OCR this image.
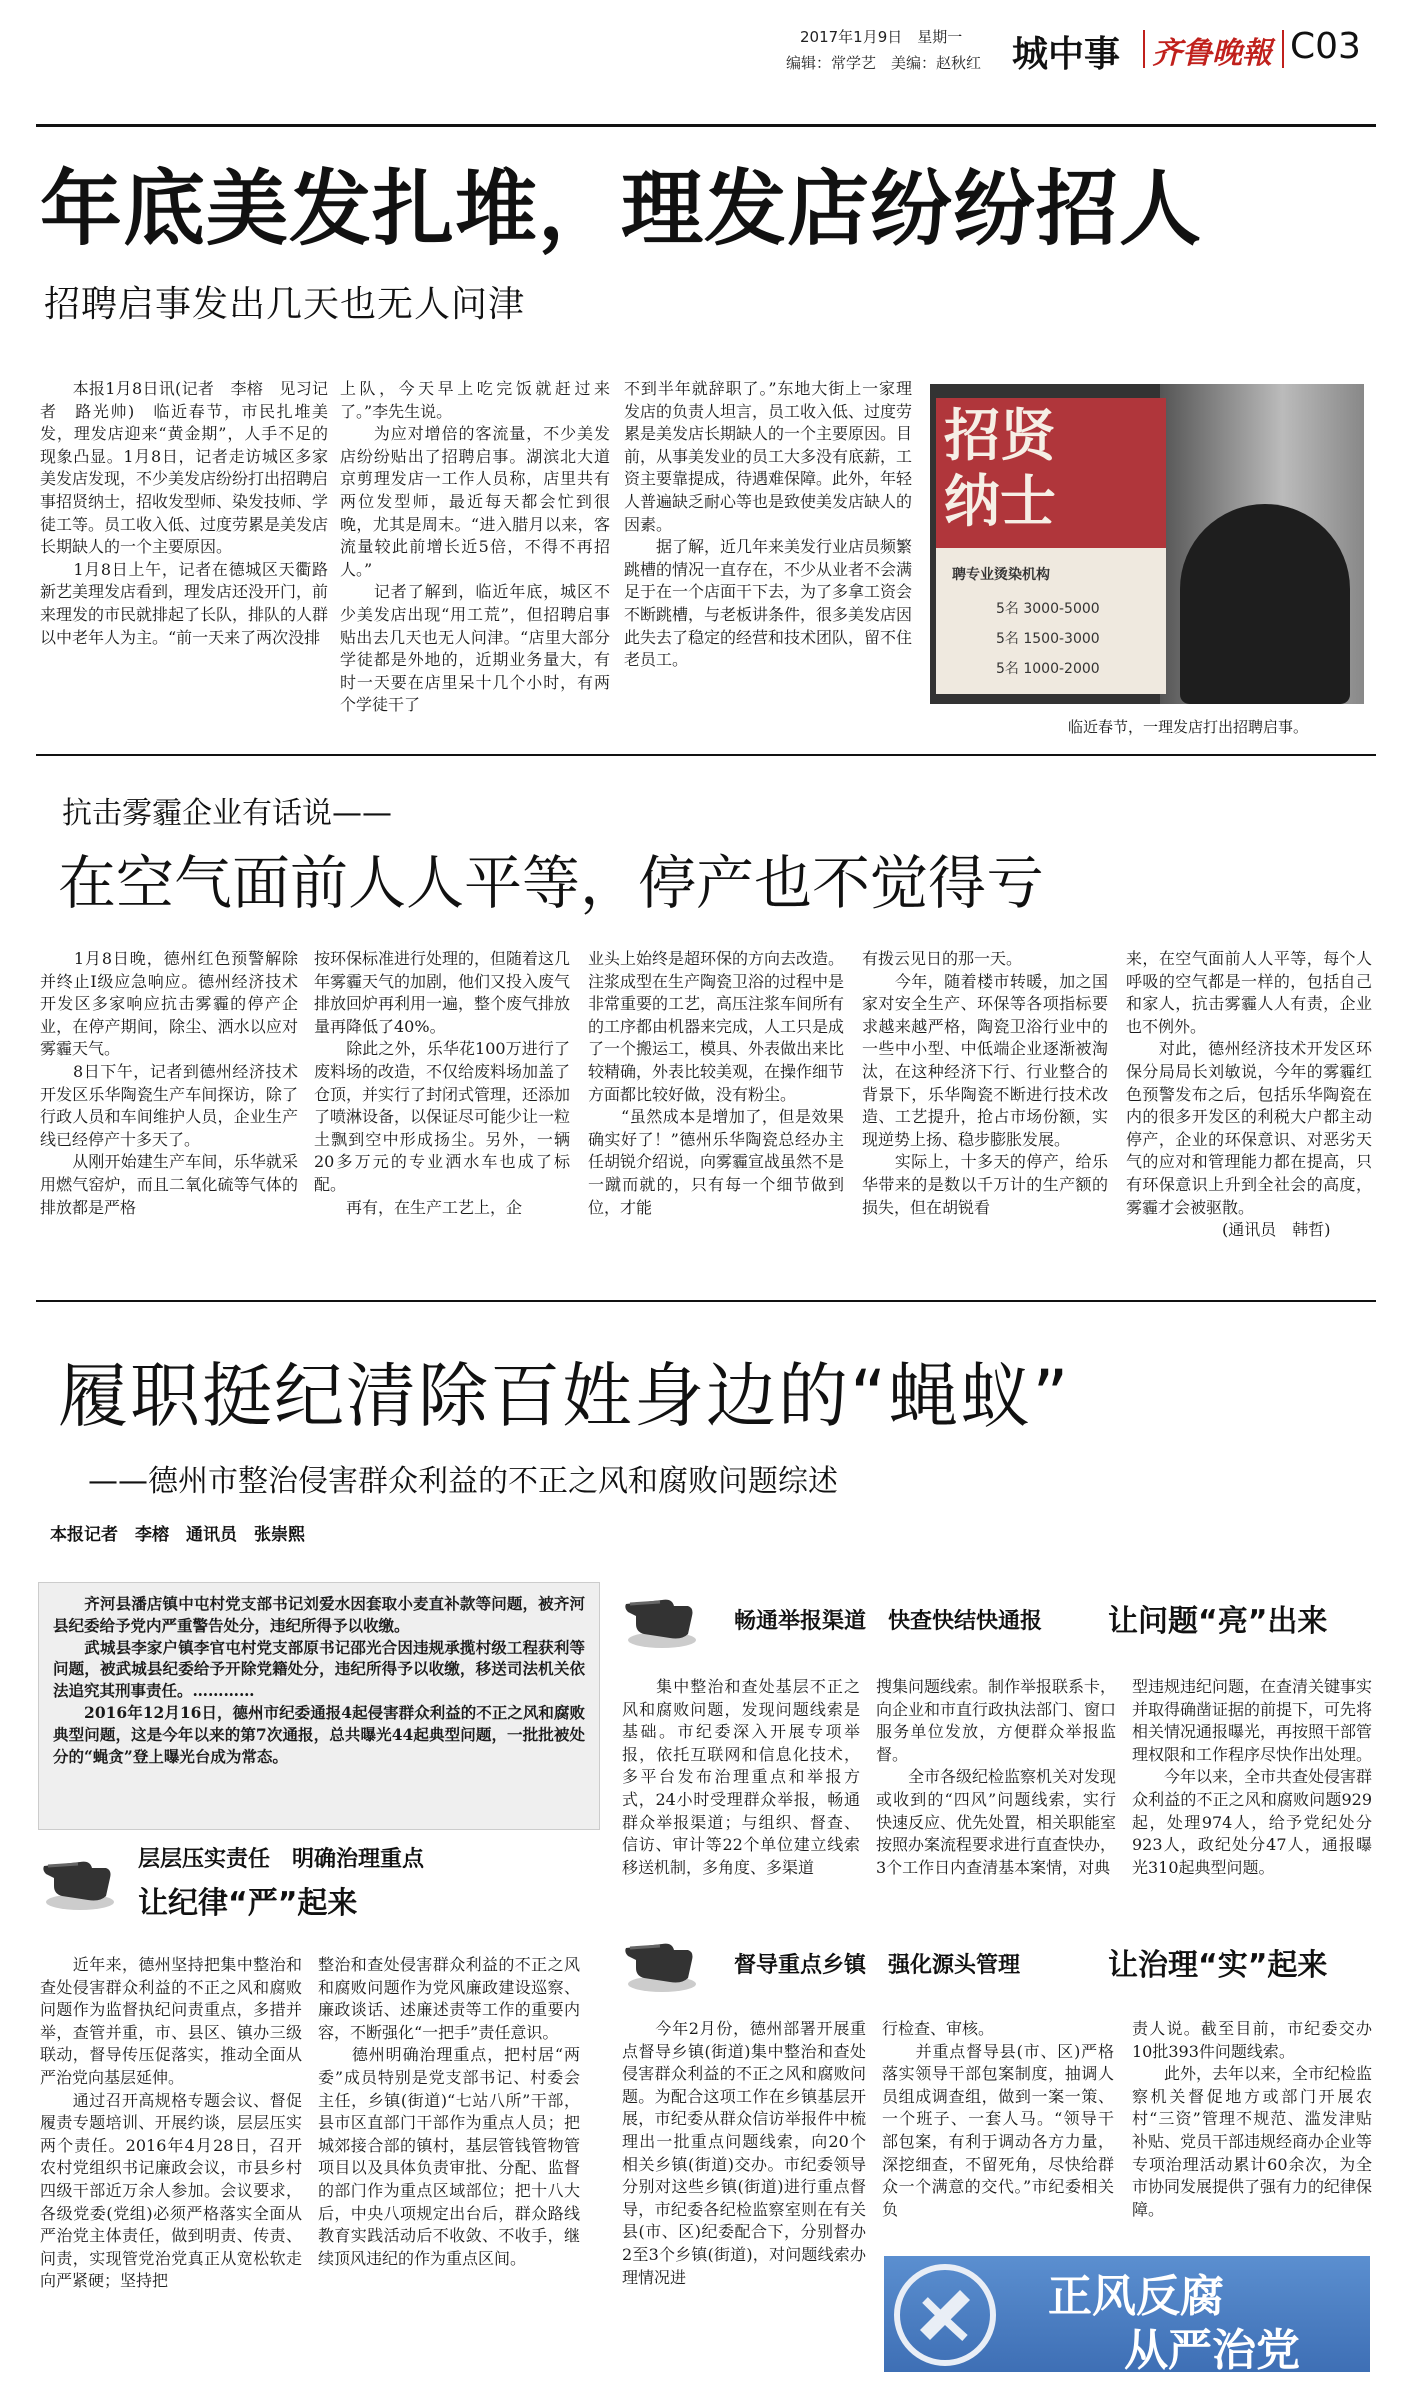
2017年1月9日　星期一
编辑：常学艺　美编：赵秋红 城中事 齐鲁晚報 C03
年底美发扎堆，理发店纷纷招人
招聘启事发出几天也无人问津

　　本报1月8日讯(记者　李榕　见习记者　路光帅)　临近春节，市民扎堆美发，理发店迎来“黄金期”，人手不足的现象凸显。1月8日，记者走访城区多家美发店发现，不少美发店纷纷打出招聘启事招贤纳士，招收发型师、染发技师、学徒工等。员工收入低、过度劳累是美发店长期缺人的一个主要原因。
　　1月8日上午，记者在德城区天衢路新艺美理发店看到，理发店还没开门，前来理发的市民就排起了长队，排队的人群以中老年人为主。“前一天来了两次没排

上队，今天早上吃完饭就赶过来了。”李先生说。
　　为应对增倍的客流量，不少美发店纷纷贴出了招聘启事。湖滨北大道京剪理发店一工作人员称，店里共有两位发型师，最近每天都会忙到很晚，尤其是周末。“进入腊月以来，客流量较此前增长近5倍，不得不再招人。”
　　记者了解到，临近年底，城区不少美发店出现“用工荒”，但招聘启事贴出去几天也无人问津。“店里大部分学徒都是外地的，近期业务量大，有时一天要在店里呆十几个小时，有两个学徒干了

不到半年就辞职了。”东地大街上一家理发店的负责人坦言，员工收入低、过度劳累是美发店长期缺人的一个主要原因。目前，从事美发业的员工大多没有底薪，工资主要靠提成，待遇难保障。此外，年轻人普遍缺乏耐心等也是致使美发店缺人的因素。
　　据了解，近几年来美发行业店员频繁跳槽的情况一直存在，不少从业者不会满足于在一个店面干下去，为了多拿工资会不断跳槽，与老板讲条件，很多美发店因此失去了稳定的经营和技术团队，留不住老员工。

招贤纳士
聘专业烫染机构
5名 3000-5000
5名 1500-3000
5名 1000-2000
临近春节，一理发店打出招聘启事。
抗击雾霾企业有话说——
在空气面前人人平等，停产也不觉得亏

　　1月8日晚，德州红色预警解除并终止I级应急响应。德州经济技术开发区多家响应抗击雾霾的停产企业，在停产期间，除尘、洒水以应对雾霾天气。
　　8日下午，记者到德州经济技术开发区乐华陶瓷生产车间探访，除了行政人员和车间维护人员，企业生产线已经停产十多天了。
　　从刚开始建生产车间，乐华就采用燃气窑炉，而且二氧化硫等气体的排放都是严格

按环保标准进行处理的，但随着这几年雾霾天气的加剧，他们又投入废气排放回炉再利用一遍，整个废气排放量再降低了40%。
　　除此之外，乐华花100万进行了废料场的改造，不仅给废料场加盖了仓顶，并实行了封闭式管理，还添加了喷淋设备，以保证尽可能少让一粒土飘到空中形成扬尘。另外，一辆20多万元的专业洒水车也成了标配。
　　再有，在生产工艺上，企

业头上始终是超环保的方向去改造。注浆成型在生产陶瓷卫浴的过程中是非常重要的工艺，高压注浆车间所有的工序都由机器来完成，人工只是成了一个搬运工，模具、外表做出来比较精确，外表比较美观，在操作细节方面都比较好做，没有粉尘。
　　“虽然成本是增加了，但是效果确实好了！”德州乐华陶瓷总经办主任胡锐介绍说，向雾霾宣战虽然不是一蹴而就的，只有每一个细节做到位，才能

有拨云见日的那一天。
　　今年，随着楼市转暖，加之国家对安全生产、环保等各项指标要求越来越严格，陶瓷卫浴行业中的一些中小型、中低端企业逐渐被淘汰，在这种经济下行、行业整合的背景下，乐华陶瓷不断进行技术改造、工艺提升，抢占市场份额，实现逆势上扬、稳步膨胀发展。
　　实际上，十多天的停产，给乐华带来的是数以千万计的生产额的损失，但在胡锐看

来，在空气面前人人平等，每个人呼吸的空气都是一样的，包括自己和家人，抗击雾霾人人有责，企业也不例外。
　　对此，德州经济技术开发区环保分局局长刘敏说，今年的雾霾红色预警发布之后，包括乐华陶瓷在内的很多开发区的利税大户都主动停产，企业的环保意识、对恶劣天气的应对和管理能力都在提高，只有环保意识上升到全社会的高度，雾霾才会被驱散。
　　　　　　(通讯员　韩哲)

履职挺纪清除百姓身边的“蝇蚁”
——德州市整治侵害群众利益的不正之风和腐败问题综述
本报记者　李榕　通讯员　张崇熙

　　齐河县潘店镇中屯村党支部书记刘爱水因套取小麦直补款等问题，被齐河县纪委给予党内严重警告处分，违纪所得予以收缴。
　　武城县李家户镇李官屯村党支部原书记邵光合因违规承揽村级工程获利等问题，被武城县纪委给予开除党籍处分，违纪所得予以收缴，移送司法机关依法追究其刑事责任。…………
　　2016年12月16日，德州市纪委通报4起侵害群众利益的不正之风和腐败典型问题，这是今年以来的第7次通报，总共曝光44起典型问题，一批批被处分的“蝇贪”登上曝光台成为常态。

层层压实责任　明确治理重点
让纪律“严”起来

　　近年来，德州坚持把集中整治和查处侵害群众利益的不正之风和腐败问题作为监督执纪问责重点，多措并举，查管并重，市、县区、镇办三级联动，督导传压促落实，推动全面从严治党向基层延伸。
　　通过召开高规格专题会议、督促履责专题培训、开展约谈，层层压实两个责任。2016年4月28日，召开农村党组织书记廉政会议，市县乡村四级干部近万余人参加。会议要求，各级党委(党组)必须严格落实全面从严治党主体责任，做到明责、传责、问责，实现管党治党真正从宽松软走向严紧硬；坚持把

整治和查处侵害群众利益的不正之风和腐败问题作为党风廉政建设巡察、廉政谈话、述廉述责等工作的重要内容，不断强化“一把手”责任意识。
　　德州明确治理重点，把村居“两委”成员特别是党支部书记、村委会主任，乡镇(街道)“七站八所”干部，县市区直部门干部作为重点人员；把城郊接合部的镇村，基层管钱管物管项目以及具体负责审批、分配、监督的部门作为重点区域部位；把十八大后，中央八项规定出台后，群众路线教育实践活动后不收敛、不收手，继续顶风违纪的作为重点区间。

畅通举报渠道　快查快结快通报 让问题“亮”出来

　　集中整治和查处基层不正之风和腐败问题，发现问题线索是基础。市纪委深入开展专项举报，依托互联网和信息化技术，多平台发布治理重点和举报方式，24小时受理群众举报，畅通群众举报渠道；与组织、督查、信访、审计等22个单位建立线索移送机制，多角度、多渠道

搜集问题线索。制作举报联系卡，向企业和市直行政执法部门、窗口服务单位发放，方便群众举报监督。
　　全市各级纪检监察机关对发现或收到的“四风”问题线索，实行快速反应、优先处置，相关职能室按照办案流程要求进行直查快办，3个工作日内查清基本案情，对典

型违规违纪问题，在查清关键事实并取得确凿证据的前提下，可先将相关情况通报曝光，再按照干部管理权限和工作程序尽快作出处理。
　　今年以来，全市共查处侵害群众利益的不正之风和腐败问题929起，处理974人，给予党纪处分923人，政纪处分47人，通报曝光310起典型问题。

督导重点乡镇　强化源头管理	让治理“实”起来

　　今年2月份，德州部署开展重点督导乡镇(街道)集中整治和查处侵害群众利益的不正之风和腐败问题。为配合这项工作在乡镇基层开展，市纪委从群众信访举报件中梳理出一批重点问题线索，向20个相关乡镇(街道)交办。市纪委领导分别对这些乡镇(街道)进行重点督导，市纪委各纪检监察室则在有关县(市、区)纪委配合下，分别督办2至3个乡镇(街道)，对问题线索办理情况进

行检查、审核。
　　并重点督导县(市、区)严格落实领导干部包案制度，抽调人员组成调查组，做到一案一策、一个班子、一套人马。“领导干部包案，有利于调动各方力量，深挖细查，不留死角，尽快给群众一个满意的交代。”市纪委相关负

责人说。截至目前，市纪委交办10批393件问题线索。
　　此外，去年以来，全市纪检监察机关督促地方或部门开展农村“三资”管理不规范、滥发津贴补贴、党员干部违规经商办企业等专项治理活动累计60余次，为全市协同发展提供了强有力的纪律保障。

正风反腐
从严治党
